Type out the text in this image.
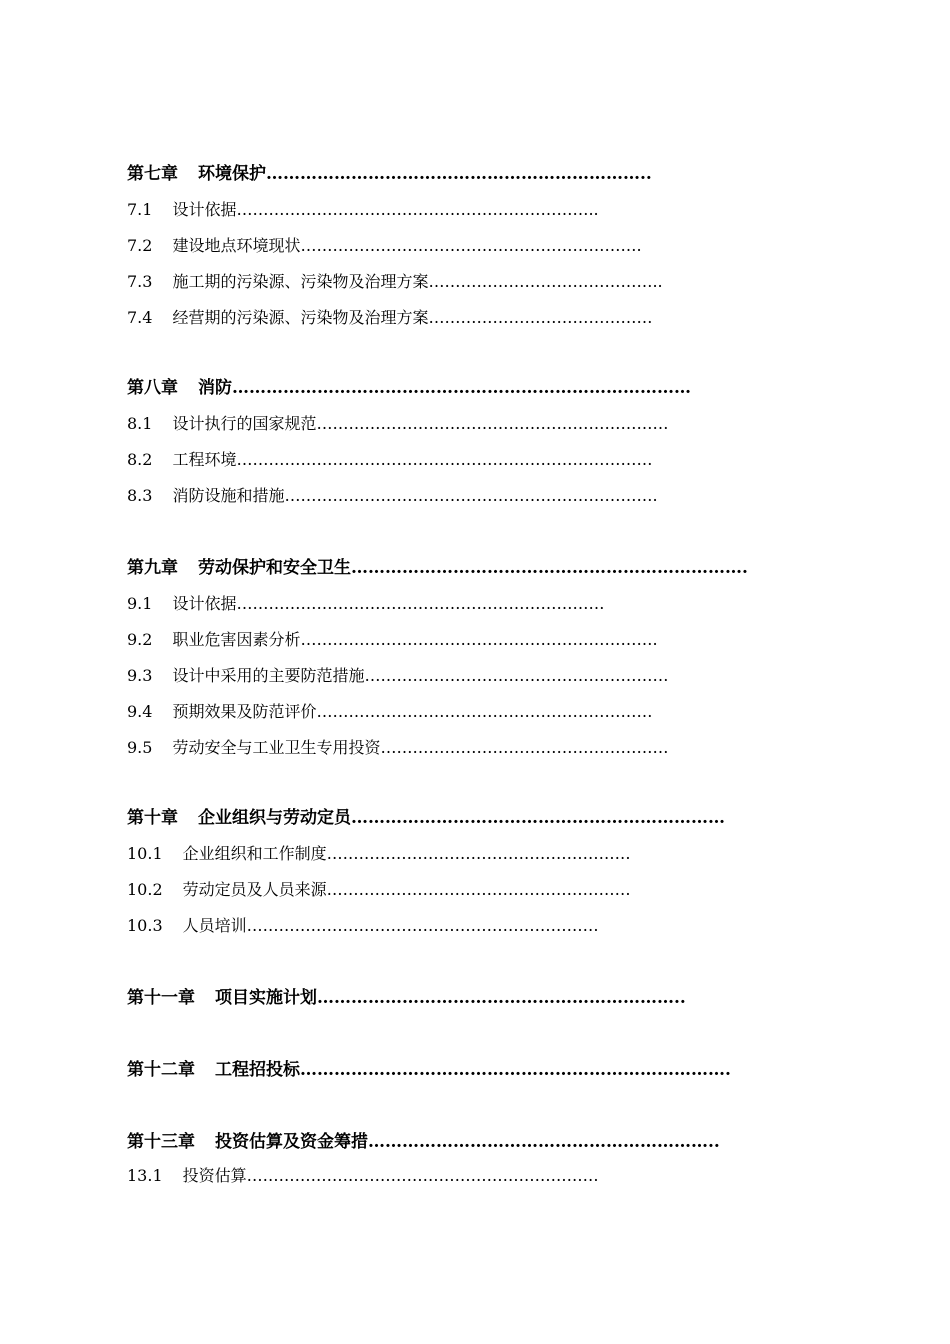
第七章 环境保护…………………………………………………………..
7.1 设计依据…………………………………………………………..
7.2 建设地点环境现状……………………………………………………….
7.3 施工期的污染源、污染物及治理方案……………………………………..
7.4 经营期的污染源、污染物及治理方案……………………………………
第八章 消防………………………………………………………………………
8.1 设计执行的国家规范…………………………………………………………
8.2 工程环境……………………………………………………………………
8.3 消防设施和措施…………………………………………………………….
第九章 劳动保护和安全卫生…………………………………………………………….
9.1 设计依据……………………………………………………………
9.2 职业危害因素分析………………………………………………………….
9.3 设计中采用的主要防范措施…………………………………………………
9.4 预期效果及防范评价………………………………………………………
9.5 劳动安全与工业卫生专用投资………………………………………………
第十章 企业组织与劳动定员…………………………………………………………
10.1 企业组织和工作制度…………………………………………………
10.2 劳动定员及人员来源…………………………………………………
10.3 人员培训…………………………………………………………
第十一章 项目实施计划………………………………………………………..
第十二章 工程招投标………………………………………………………………….
第十三章 投资估算及资金筹措……………………………………………………..
13.1 投资估算…………………………………………………………
